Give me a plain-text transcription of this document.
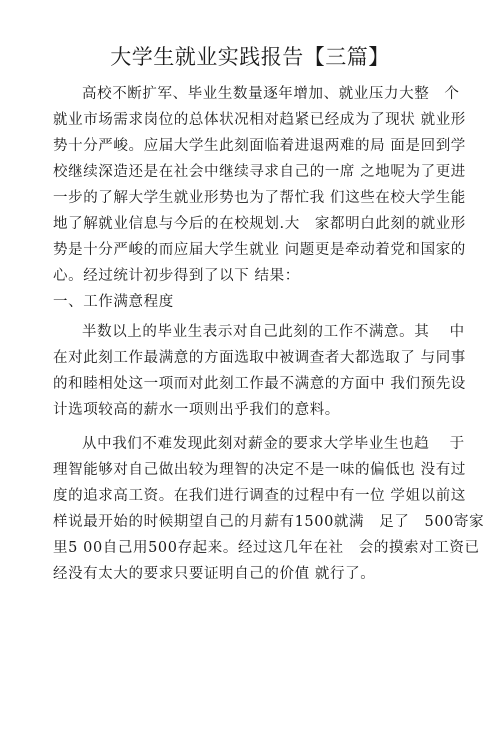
大学生就业实践报告【三篇】
高校不断扩军、毕业生数量逐年增加、就业压力大整　个
就业市场需求岗位的总体状况相对趋紧已经成为了现状 就业形
势十分严峻。应届大学生此刻面临着进退两难的局 面是回到学
校继续深造还是在社会中继续寻求自己的一席 之地呢为了更进
一步的了解大学生就业形势也为了帮忙我 们这些在校大学生能
地了解就业信息与今后的在校规划.大　家都明白此刻的就业形
势是十分严峻的而应届大学生就业 问题更是牵动着党和国家的
心。经过统计初步得到了以下 结果：
一、工作满意程度
半数以上的毕业生表示对自己此刻的工作不满意。其　 中
在对此刻工作最满意的方面选取中被调查者大都选取了 与同事
的和睦相处这一项而对此刻工作最不满意的方面中 我们预先设
计选项较高的薪水一项则出乎我们的意料。
从中我们不难发现此刻对薪金的要求大学毕业生也趋　 于
理智能够对自己做出较为理智的决定不是一味的偏低也 没有过
度的追求高工资。在我们进行调查的过程中有一位 学姐以前这
样说最开始的时候期望自己的月薪有1500就满　足了　500寄家
里5 00自己用500存起来。经过这几年在社　会的摸索对工资已
经没有太大的要求只要证明自己的价值 就行了。
